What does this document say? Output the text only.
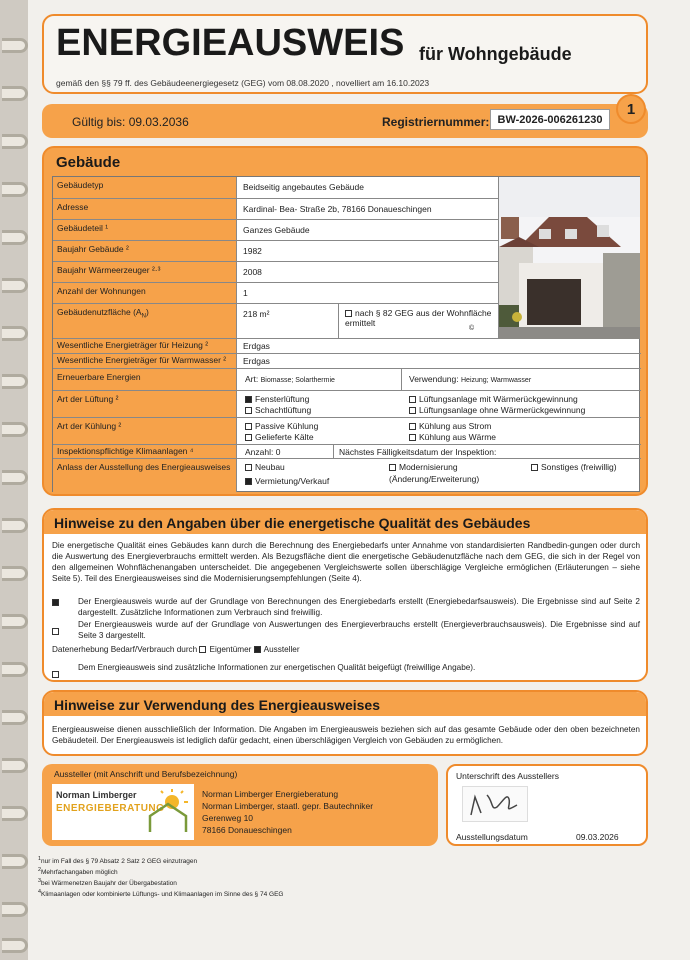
ENERGIEAUSWEIS für Wohngebäude
gemäß den §§ 79 ff. des Gebäudeenergiegesetz (GEG) vom 08.08.2020 , novelliert am 16.10.2023
Gültig bis: 09.03.2036	Registriernummer: BW-2026-006261230
1
Gebäude
Gebäudetyp	Beidseitig angebautes Gebäude
Adresse	Kardinal- Bea- Straße 2b, 78166 Donaueschingen
Gebäudeteil ¹	Ganzes Gebäude
Baujahr Gebäude ²	1982
Baujahr Wärmeerzeuger ²·³	2008
Anzahl der Wohnungen	1
Gebäudenutzfläche $(A_N)$	218 m²	nach § 82 GEG aus der Wohnfläche ermittelt
©
Wesentliche Energieträger für Heizung ²	Erdgas
Wesentliche Energieträger für Warmwasser ²	Erdgas
Erneuerbare Energien	Art: Biomasse; Solarthermie	Verwendung: Heizung; Warmwasser
Art der Lüftung ²	Fensterlüftung
Schachtlüftung
Lüftungsanlage mit Wärmerückgewinnung
Lüftungsanlage ohne Wärmerückgewinnung
Art der Kühlung ²	Passive Kühlung
Gelieferte Kälte
Kühlung aus Strom
Kühlung aus Wärme
Inspektionspflichtige Klimaanlagen ⁴	Anzahl: 0	Nächstes Fälligkeitsdatum der Inspektion:
Anlass der Ausstellung des Energieausweises	Neubau
Vermietung/Verkauf
Modernisierung
(Änderung/Erweiterung)
Sonstiges (freiwillig)
Hinweise zu den Angaben über die energetische Qualität des Gebäudes
Die energetische Qualität eines Gebäudes kann durch die Berechnung des Energiebedarfs unter Annahme von standardisierten Randbedin-gungen oder durch die Auswertung des Energieverbrauchs ermittelt werden. Als Bezugsfläche dient die energetische Gebäudenutzfläche nach dem GEG, die sich in der Regel von den allgemeinen Wohnflächenangaben unterscheidet. Die angegebenen Vergleichswerte sollen überschlägige Vergleiche ermöglichen (Erläuterungen – siehe Seite 5). Teil des Energieausweises sind die Modernisierungsempfehlungen (Seite 4).
Der Energieausweis wurde auf der Grundlage von Berechnungen des Energiebedarfs erstellt (Energiebedarfsausweis). Die Ergebnisse sind auf Seite 2 dargestellt. Zusätzliche Informationen zum Verbrauch sind freiwillig.
Der Energieausweis wurde auf der Grundlage von Auswertungen des Energieverbrauchs erstellt (Energieverbrauchsausweis). Die Ergebnisse sind auf Seite 3 dargestellt.
Datenerhebung Bedarf/Verbrauch durch Eigentümer Aussteller
Dem Energieausweis sind zusätzliche Informationen zur energetischen Qualität beigefügt (freiwillige Angabe).
Hinweise zur Verwendung des Energieausweises
Energieausweise dienen ausschließlich der Information. Die Angaben im Energieausweis beziehen sich auf das gesamte Gebäude oder den oben bezeichneten Gebäudeteil. Der Energieausweis ist lediglich dafür gedacht, einen überschlägigen Vergleich von Gebäuden zu ermöglichen.
Aussteller (mit Anschrift und Berufsbezeichnung)
Norman Limberger
ENERGIEBERATUNG
Norman Limberger Energieberatung
Norman Limberger, staatl. gepr. Bautechniker
Gerenweg 10
78166 Donaueschingen
Unterschrift des Ausstellers
Ausstellungsdatum	09.03.2026
$^1$nur im Fall des § 79 Absatz 2 Satz 2 GEG einzutragen
$^2$Mehrfachangaben möglich
$^3$bei Wärmenetzen Baujahr der Übergabestation
$^4$Klimaanlagen oder kombinierte Lüftungs- und Klimaanlagen im Sinne des § 74 GEG
